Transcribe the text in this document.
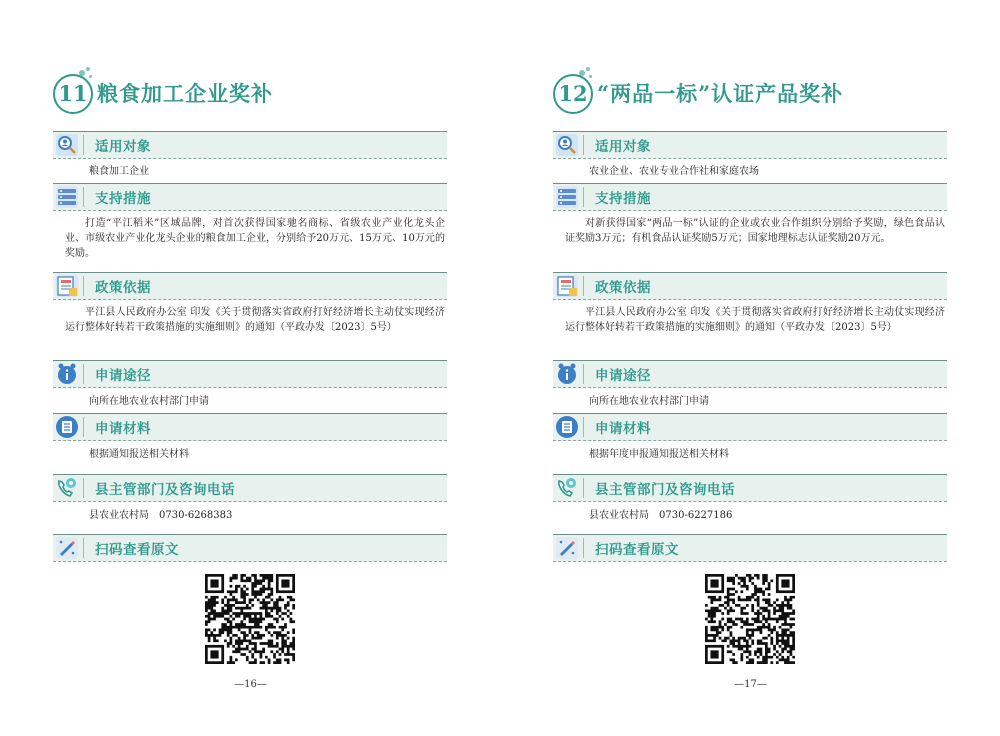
11 粮食加工企业奖补
适用对象
粮食加工企业
支持措施
打造“平江稻米”区域品牌，对首次获得国家驰名商标、省级农业产业化龙头企业、市级农业产业化龙头企业的粮食加工企业，分别给予20万元、15万元、10万元的奖励。
政策依据
平江县人民政府办公室 印发《关于贯彻落实省政府打好经济增长主动仗实现经济运行整体好转若干政策措施的实施细则》的通知（平政办发〔2023〕5号）
申请途径
向所在地农业农村部门申请
申请材料
根据通知报送相关材料
县主管部门及咨询电话
县农业农村局　0730-6268383
扫码查看原文
—16—
12 “两品一标”认证产品奖补
适用对象
农业企业、农业专业合作社和家庭农场
支持措施
对新获得国家“两品一标”认证的企业或农业合作组织分别给予奖励，绿色食品认证奖励3万元；有机食品认证奖励5万元；国家地理标志认证奖励20万元。
政策依据
平江县人民政府办公室 印发《关于贯彻落实省政府打好经济增长主动仗实现经济运行整体好转若干政策措施的实施细则》的通知（平政办发〔2023〕5号）
申请途径
向所在地农业农村部门申请
申请材料
根据年度申报通知报送相关材料
县主管部门及咨询电话
县农业农村局　0730-6227186
扫码查看原文
—17—
